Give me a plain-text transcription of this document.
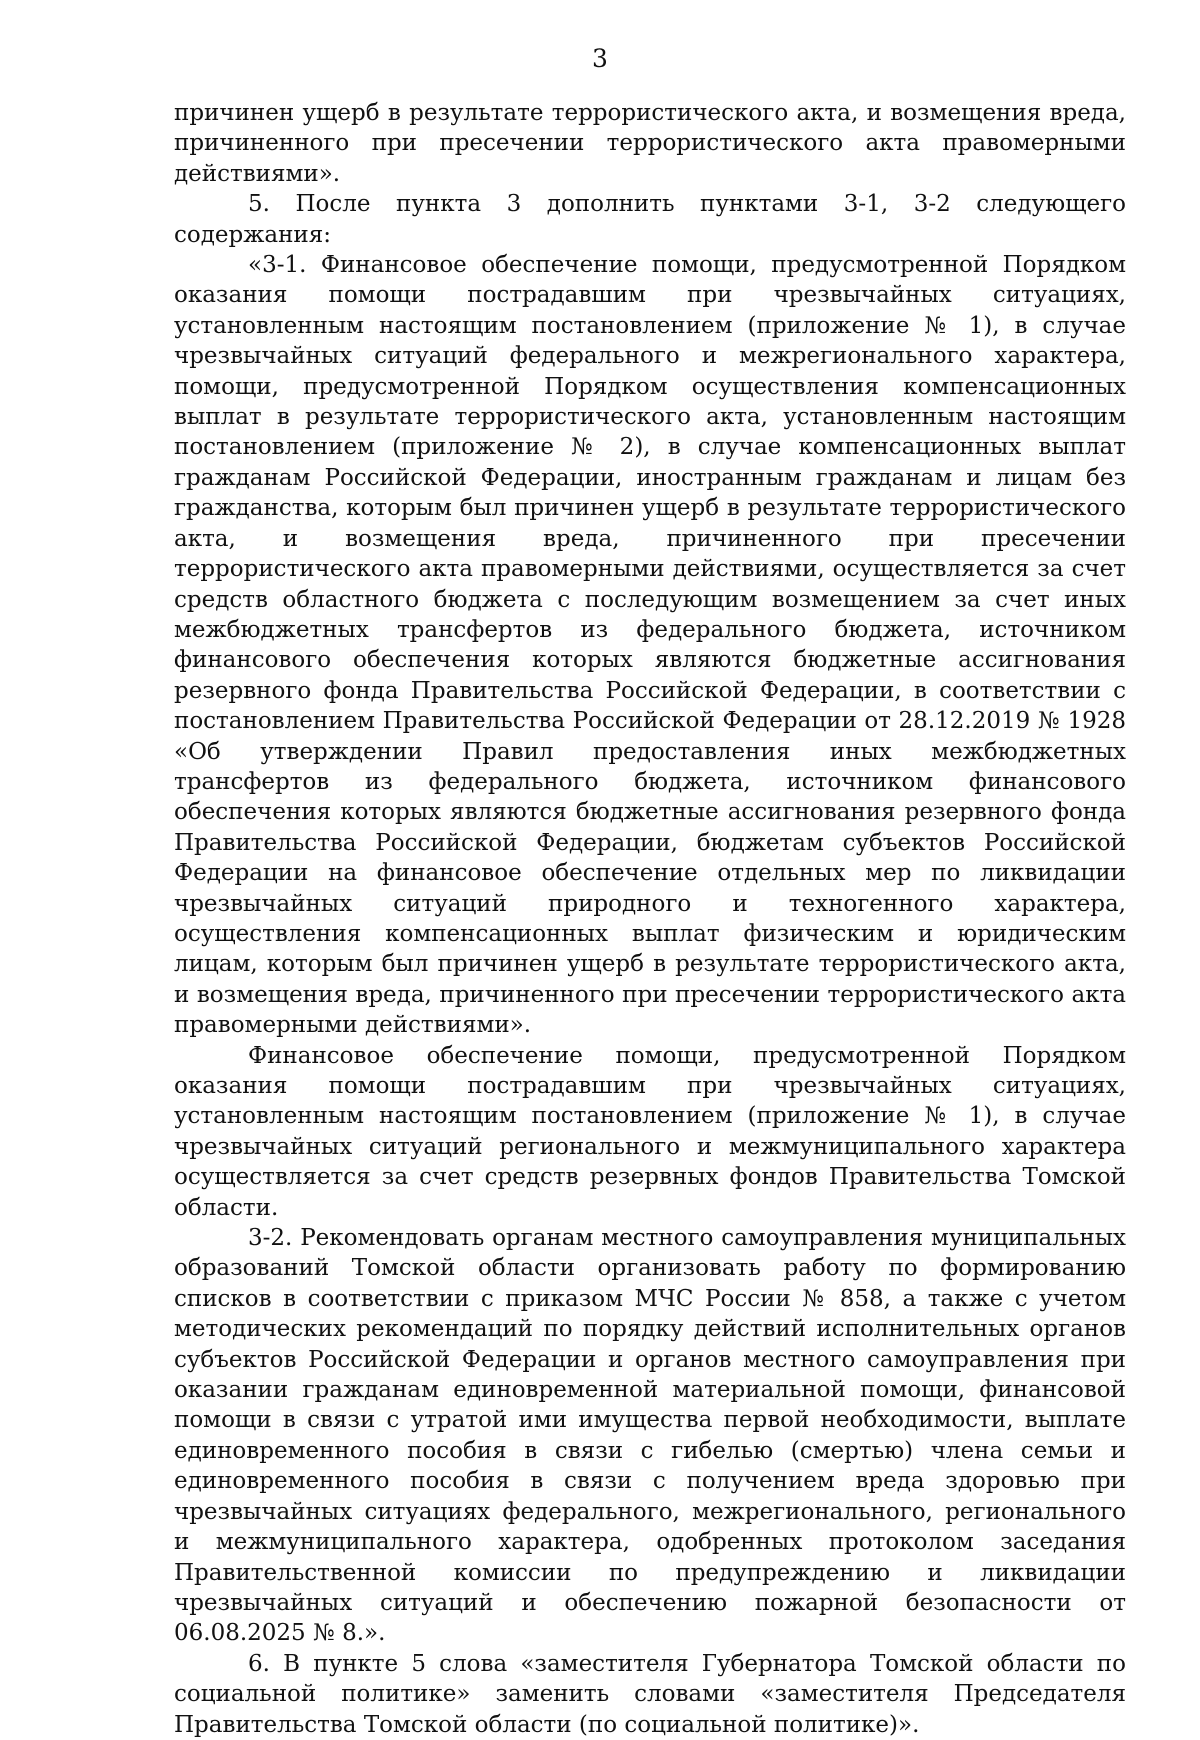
3

причинен ущерб в результате террористического акта, и возмещения вреда, причиненного при пресечении террористического акта правомерными действиями».

5. После пункта 3 дополнить пунктами 3-1, 3-2 следующего содержания:

«3-1. Финансовое обеспечение помощи, предусмотренной Порядком оказания помощи пострадавшим при чрезвычайных ситуациях, установленным настоящим постановлением (приложение № 1), в случае чрезвычайных ситуаций федерального и межрегионального характера, помощи, предусмотренной Порядком осуществления компенсационных выплат в результате террористического акта, установленным настоящим постановлением (приложение № 2), в случае компенсационных выплат гражданам Российской Федерации, иностранным гражданам и лицам без гражданства, которым был причинен ущерб в результате террористического акта, и возмещения вреда, причиненного при пресечении террористического акта правомерными действиями, осуществляется за счет средств областного бюджета с последующим возмещением за счет иных межбюджетных трансфертов из федерального бюджета, источником финансового обеспечения которых являются бюджетные ассигнования резервного фонда Правительства Российской Федерации, в соответствии с постановлением Правительства Российской Федерации от 28.12.2019 № 1928 «Об утверждении Правил предоставления иных межбюджетных трансфертов из федерального бюджета, источником финансового обеспечения которых являются бюджетные ассигнования резервного фонда Правительства Российской Федерации, бюджетам субъектов Российской Федерации на финансовое обеспечение отдельных мер по ликвидации чрезвычайных ситуаций природного и техногенного характера, осуществления компенсационных выплат физическим и юридическим лицам, которым был причинен ущерб в результате террористического акта, и возмещения вреда, причиненного при пресечении террористического акта правомерными действиями».

Финансовое обеспечение помощи, предусмотренной Порядком оказания помощи пострадавшим при чрезвычайных ситуациях, установленным настоящим постановлением (приложение № 1), в случае чрезвычайных ситуаций регионального и межмуниципального характера осуществляется за счет средств резервных фондов Правительства Томской области.

3-2. Рекомендовать органам местного самоуправления муниципальных образований Томской области организовать работу по формированию списков в соответствии с приказом МЧС России № 858, а также с учетом методических рекомендаций по порядку действий исполнительных органов субъектов Российской Федерации и органов местного самоуправления при оказании гражданам единовременной материальной помощи, финансовой помощи в связи с утратой ими имущества первой необходимости, выплате единовременного пособия в связи с гибелью (смертью) члена семьи и единовременного пособия в связи с получением вреда здоровью при чрезвычайных ситуациях федерального, межрегионального, регионального и межмуниципального характера, одобренных протоколом заседания Правительственной комиссии по предупреждению и ликвидации чрезвычайных ситуаций и обеспечению пожарной безопасности от 06.08.2025 № 8.».

6. В пункте 5 слова «заместителя Губернатора Томской области по социальной политике» заменить словами «заместителя Председателя Правительства Томской области (по социальной политике)».
